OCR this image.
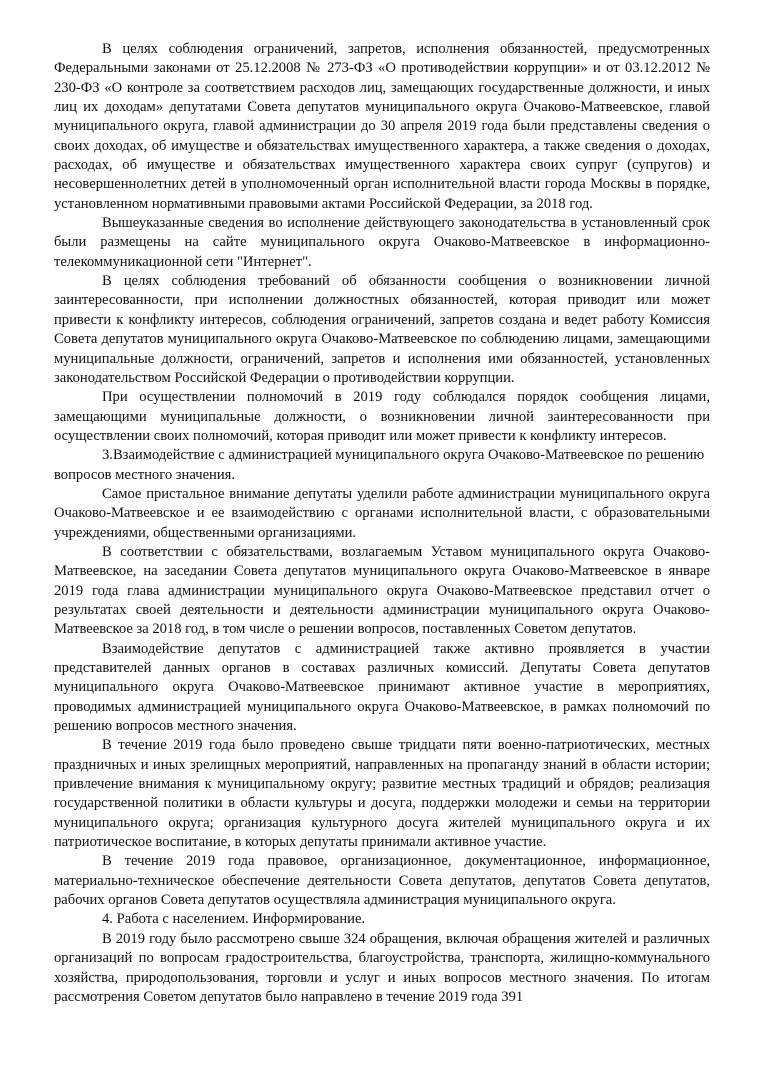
В целях соблюдения ограничений, запретов, исполнения обязанностей, предусмотренных Федеральными законами от 25.12.2008 № 273-ФЗ «О противодействии коррупции» и от 03.12.2012 № 230-ФЗ «О контроле за соответствием расходов лиц, замещающих государственные должности, и иных лиц их доходам» депутатами Совета депутатов муниципального округа Очаково-Матвеевское, главой муниципального округа, главой администрации до 30 апреля 2019 года были представлены сведения о своих доходах, об имуществе и обязательствах имущественного характера, а также сведения о доходах, расходах, об имуществе и обязательствах имущественного характера своих супруг (супругов) и несовершеннолетних детей в уполномоченный орган исполнительной власти города Москвы в порядке, установленном нормативными правовыми актами Российской Федерации, за 2018 год.

Вышеуказанные сведения во исполнение действующего законодательства в установленный срок были размещены на сайте муниципального округа Очаково-Матвеевское в информационно-телекоммуникационной сети "Интернет".

В целях соблюдения требований об обязанности сообщения о возникновении личной заинтересованности, при исполнении должностных обязанностей, которая приводит или может привести к конфликту интересов, соблюдения ограничений, запретов создана и ведет работу Комиссия Совета депутатов муниципального округа Очаково-Матвеевское по соблюдению лицами, замещающими муниципальные должности, ограничений, запретов и исполнения ими обязанностей, установленных законодательством Российской Федерации о противодействии коррупции.

При осуществлении полномочий в 2019 году соблюдался порядок сообщения лицами, замещающими муниципальные должности, о возникновении личной заинтересованности при осуществлении своих полномочий, которая приводит или может привести к конфликту интересов.

3.Взаимодействие с администрацией муниципального округа Очаково-Матвеевское по решению вопросов местного значения.

Самое пристальное внимание депутаты уделили работе администрации муниципального округа Очаково-Матвеевское и ее взаимодействию с органами исполнительной власти, с образовательными учреждениями, общественными организациями.

В соответствии с обязательствами, возлагаемым Уставом муниципального округа Очаково-Матвеевское, на заседании Совета депутатов муниципального округа Очаково-Матвеевское в январе 2019 года глава администрации муниципального округа Очаково-Матвеевское представил отчет о результатах своей деятельности и деятельности администрации муниципального округа Очаково-Матвеевское за 2018 год, в том числе о решении вопросов, поставленных Советом депутатов.

Взаимодействие депутатов с администрацией также активно проявляется в участии представителей данных органов в составах различных комиссий. Депутаты Совета депутатов муниципального округа Очаково-Матвеевское принимают активное участие в мероприятиях, проводимых администрацией муниципального округа Очаково-Матвеевское, в рамках полномочий по решению вопросов местного значения.

В течение 2019 года было проведено свыше тридцати пяти военно-патриотических, местных праздничных и иных зрелищных мероприятий, направленных на пропаганду знаний в области истории; привлечение внимания к муниципальному округу; развитие местных традиций и обрядов; реализация государственной политики в области культуры и досуга, поддержки молодежи и семьи на территории муниципального округа; организация культурного досуга жителей муниципального округа и их патриотическое воспитание, в которых депутаты принимали активное участие.

В течение 2019 года правовое, организационное, документационное, информационное, материально-техническое обеспечение деятельности Совета депутатов, депутатов Совета депутатов, рабочих органов Совета депутатов осуществляла администрация муниципального округа.

4. Работа с населением. Информирование.

В 2019 году было рассмотрено свыше 324 обращения, включая обращения жителей и различных организаций по вопросам градостроительства, благоустройства, транспорта, жилищно-коммунального хозяйства, природопользования, торговли и услуг и иных вопросов местного значения. По итогам рассмотрения Советом депутатов было направлено в течение 2019 года 391
